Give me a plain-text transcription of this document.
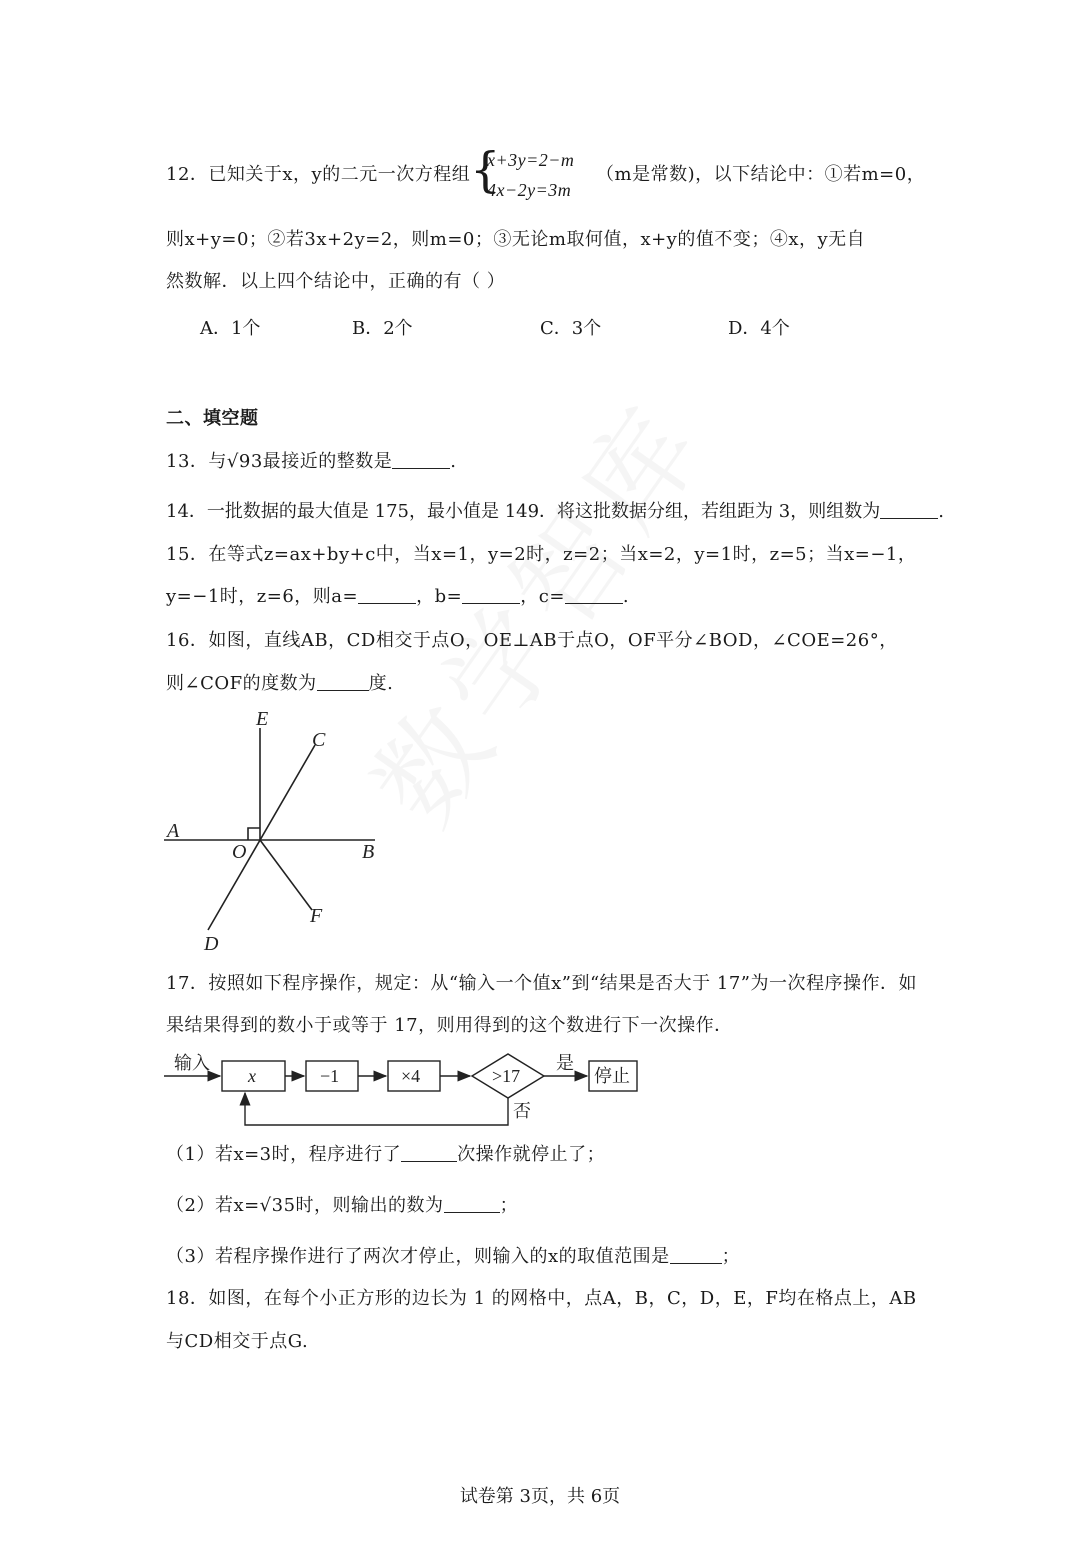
12．已知关于x，y的二元一次方程组 {
x+3y=2−m
4x−2y=3m
（m是常数)，以下结论中：①若m=0，
则x+y=0；②若3x+2y=2，则m=0；③无论m取何值，x+y的值不变；④x，y无自
然数解．以上四个结论中，正确的有（ ）
A．1个	B．2个	C．3个	D．4个
二、填空题
13．与√93最接近的整数是	.
14．一批数据的最大值是 175，最小值是 149．将这批数据分组，若组距为 3，则组数为	.
15．在等式z=ax+by+c中，当x=1，y=2时，z=2；当x=2，y=1时，z=5；当x=−1，
y=−1时，z=6，则a=	，b=	，c=	.
16．如图，直线AB，CD相交于点O，OE⊥AB于点O，OF平分∠BOD，∠COE=26°，
则∠COF的度数为	度.
E
C
A
O	B
F
D
17．按照如下程序操作，规定：从“输入一个值x”到“结果是否大于 17”为一次程序操作．如
果结果得到的数小于或等于 17，则用得到的这个数进行下一次操作．
输入
x	−1	×4	>17
是
否
停止
（1）若x=3时，程序进行了	次操作就停止了；
（2）若x=√35时，则输出的数为	；
（3）若程序操作进行了两次才停止，则输入的x的取值范围是	；
18．如图，在每个小正方形的边长为 1 的网格中，点A，B，C，D，E，F均在格点上，AB
与CD相交于点G.
试卷第 3页，共 6页
